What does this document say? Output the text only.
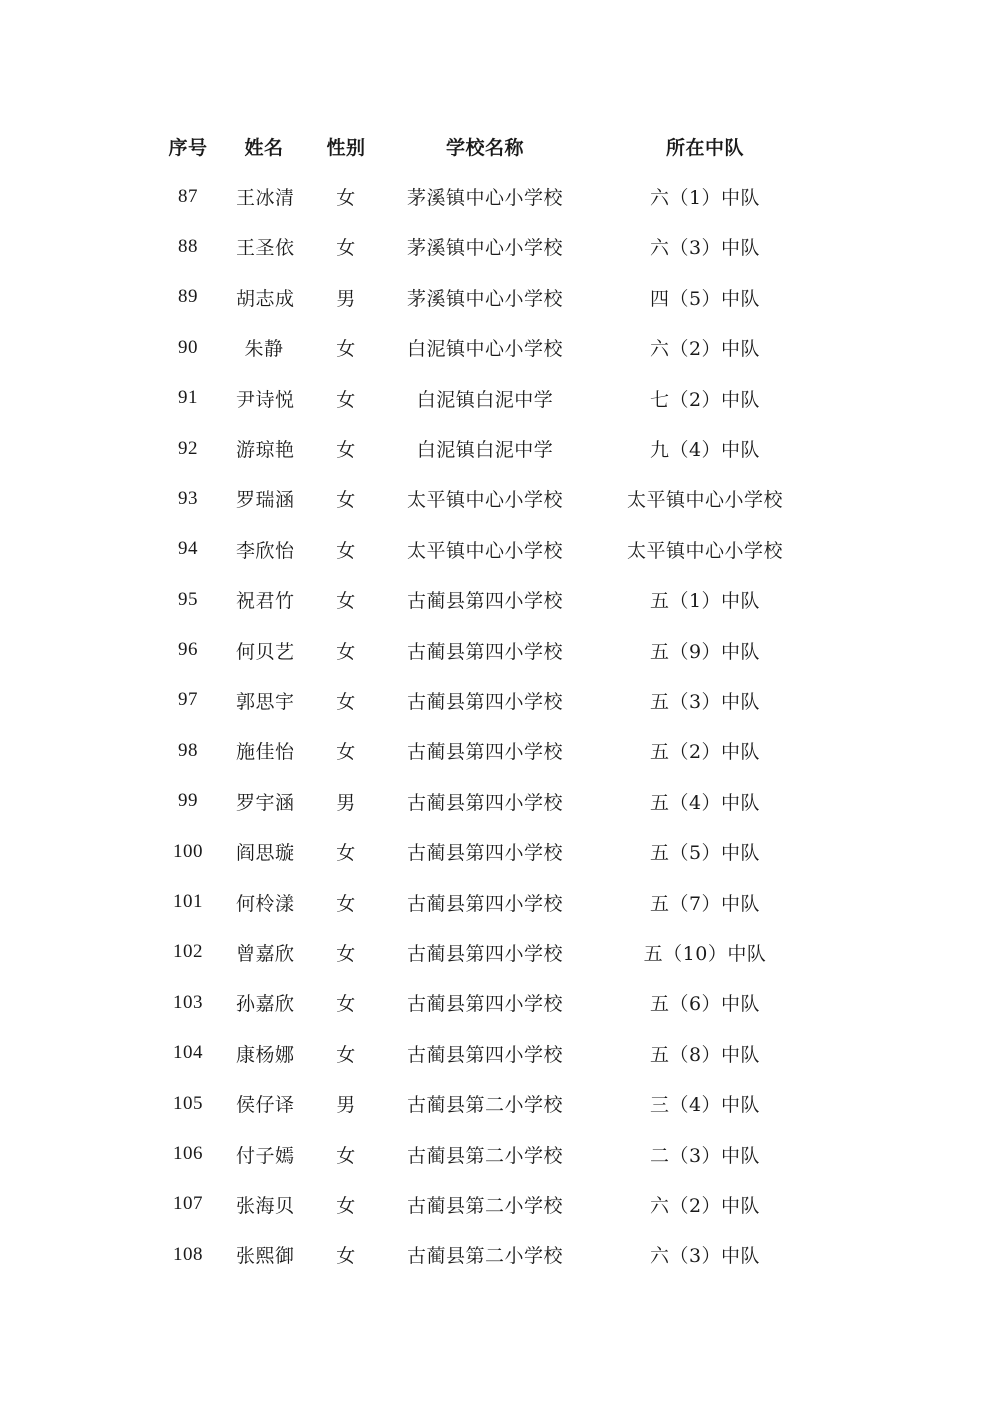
序号	姓名	性别	学校名称	所在中队
87	王冰清	女	茅溪镇中心小学校	六（1）中队
88	王圣依	女	茅溪镇中心小学校	六（3）中队
89	胡志成	男	茅溪镇中心小学校	四（5）中队
90	朱静	女	白泥镇中心小学校	六（2）中队
91	尹诗悦	女	白泥镇白泥中学	七（2）中队
92	游琼艳	女	白泥镇白泥中学	九（4）中队
93	罗瑞涵	女	太平镇中心小学校	太平镇中心小学校
94	李欣怡	女	太平镇中心小学校	太平镇中心小学校
95	祝君竹	女	古蔺县第四小学校	五（1）中队
96	何贝艺	女	古蔺县第四小学校	五（9）中队
97	郭思宇	女	古蔺县第四小学校	五（3）中队
98	施佳怡	女	古蔺县第四小学校	五（2）中队
99	罗宇涵	男	古蔺县第四小学校	五（4）中队
100	阎思璇	女	古蔺县第四小学校	五（5）中队
101	何柃漾	女	古蔺县第四小学校	五（7）中队
102	曾嘉欣	女	古蔺县第四小学校	五（10）中队
103	孙嘉欣	女	古蔺县第四小学校	五（6）中队
104	康杨娜	女	古蔺县第四小学校	五（8）中队
105	侯仔译	男	古蔺县第二小学校	三（4）中队
106	付子嫣	女	古蔺县第二小学校	二（3）中队
107	张海贝	女	古蔺县第二小学校	六（2）中队
108	张熙御	女	古蔺县第二小学校	六（3）中队
